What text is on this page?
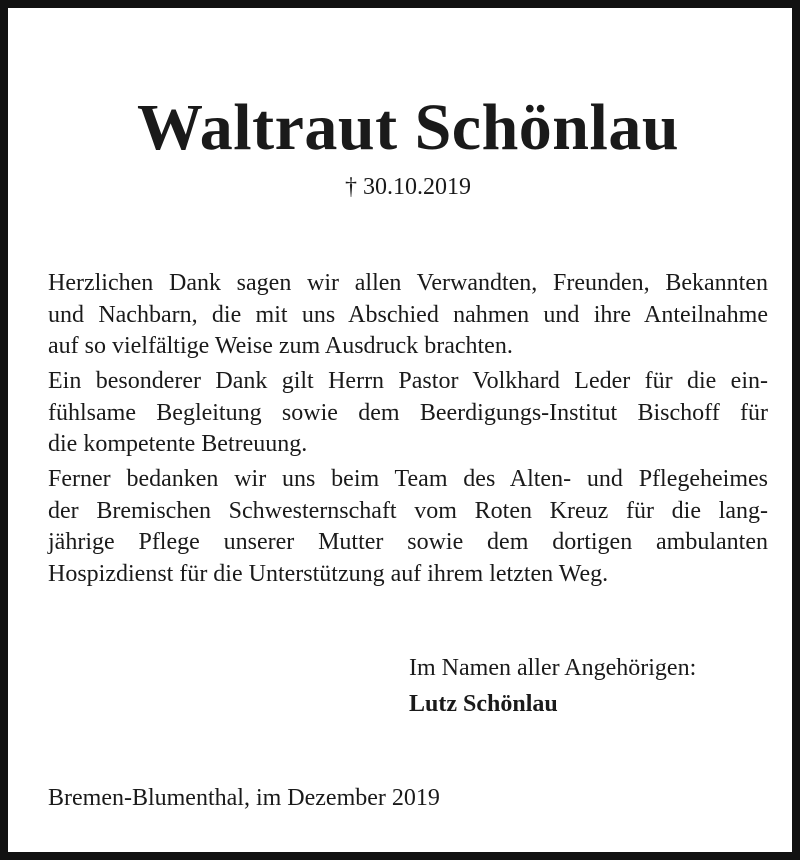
Waltraut Schönlau
† 30.10.2019

Herzlichen Dank sagen wir allen Verwandten, Freunden, Bekannten
und Nachbarn, die mit uns Abschied nahmen und ihre Anteilnahme
auf so vielfältige Weise zum Ausdruck brachten.

Ein besonderer Dank gilt Herrn Pastor Volkhard Leder für die ein-
fühlsame Begleitung sowie dem Beerdigungs-Institut Bischoff für
die kompetente Betreuung.

Ferner bedanken wir uns beim Team des Alten- und Pflegeheimes
der Bremischen Schwesternschaft vom Roten Kreuz für die lang-
jährige Pflege unserer Mutter sowie dem dortigen ambulanten
Hospizdienst für die Unterstützung auf ihrem letzten Weg.

Im Namen aller Angehörigen:
Lutz Schönlau
Bremen-Blumenthal, im Dezember 2019
